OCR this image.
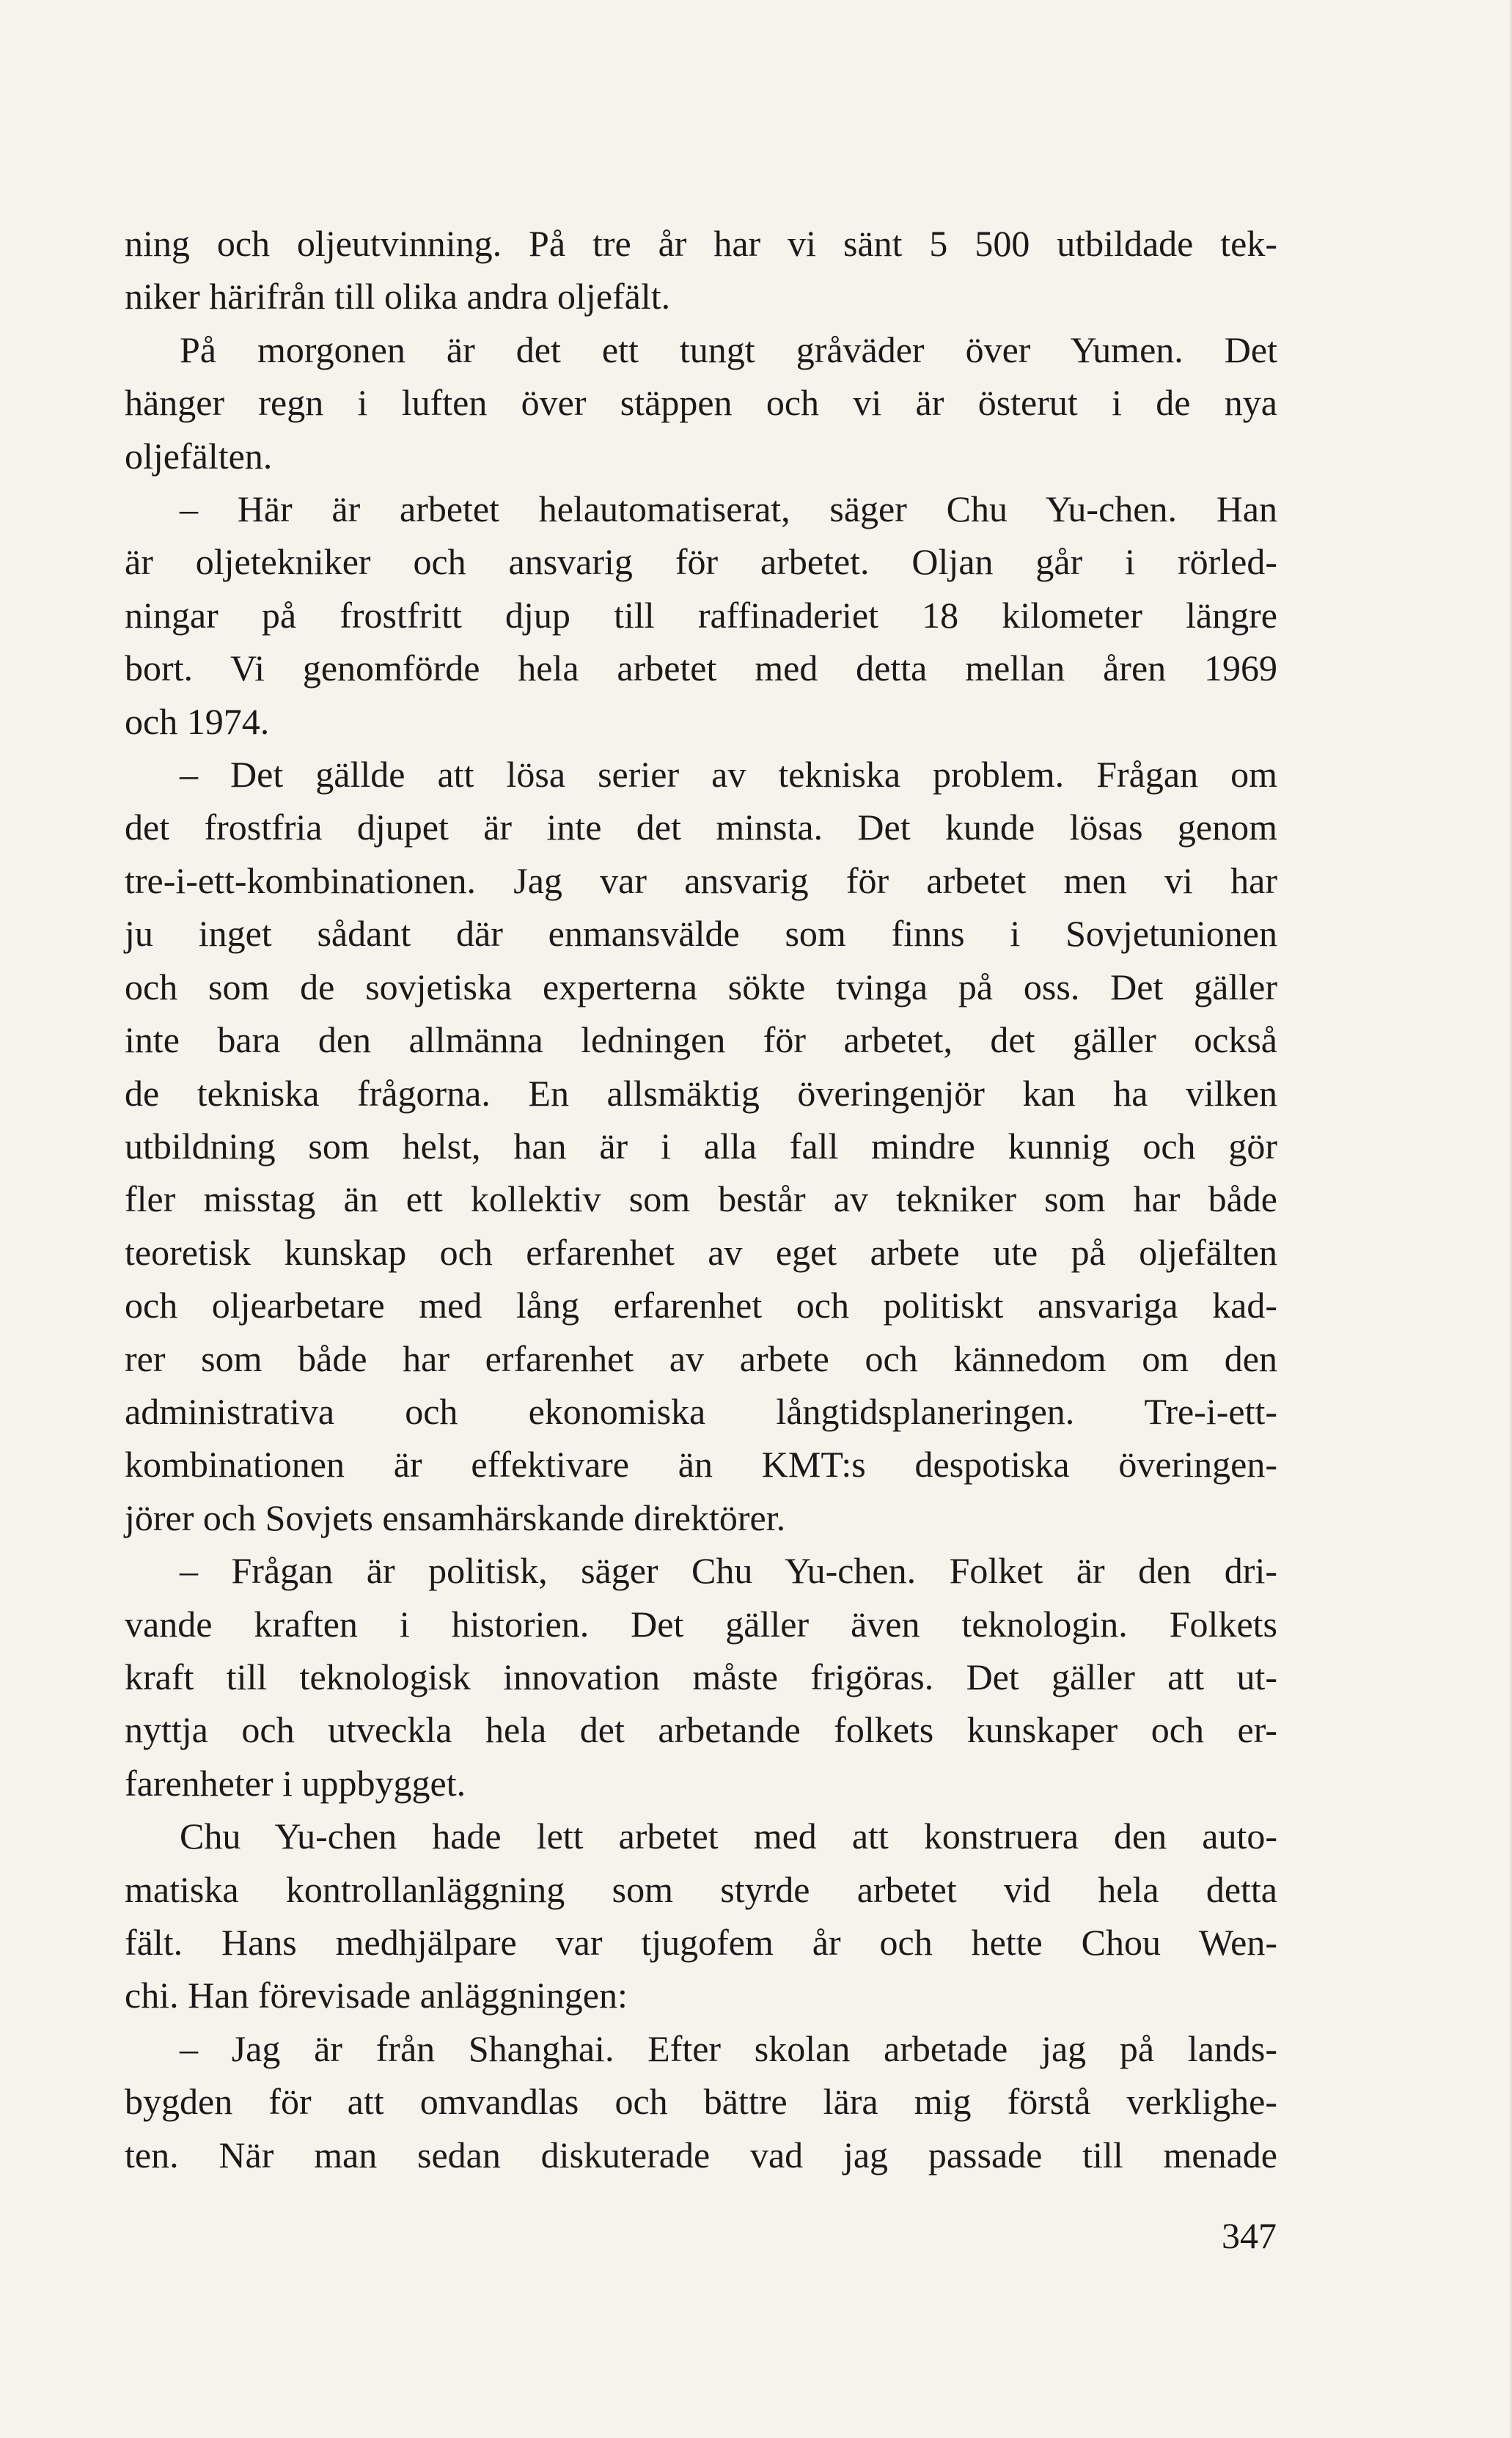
ning och oljeutvinning. På tre år har vi sänt 5 500 utbildade tek-
niker härifrån till olika andra oljefält.
På morgonen är det ett tungt gråväder över Yumen. Det
hänger regn i luften över stäppen och vi är österut i de nya
oljefälten.
– Här är arbetet helautomatiserat, säger Chu Yu-chen. Han
är oljetekniker och ansvarig för arbetet. Oljan går i rörled-
ningar på frostfritt djup till raffinaderiet 18 kilometer längre
bort. Vi genomförde hela arbetet med detta mellan åren 1969
och 1974.
– Det gällde att lösa serier av tekniska problem. Frågan om
det frostfria djupet är inte det minsta. Det kunde lösas genom
tre-i-ett-kombinationen. Jag var ansvarig för arbetet men vi har
ju inget sådant där enmansvälde som finns i Sovjetunionen
och som de sovjetiska experterna sökte tvinga på oss. Det gäller
inte bara den allmänna ledningen för arbetet, det gäller också
de tekniska frågorna. En allsmäktig överingenjör kan ha vilken
utbildning som helst, han är i alla fall mindre kunnig och gör
fler misstag än ett kollektiv som består av tekniker som har både
teoretisk kunskap och erfarenhet av eget arbete ute på oljefälten
och oljearbetare med lång erfarenhet och politiskt ansvariga kad-
rer som både har erfarenhet av arbete och kännedom om den
administrativa och ekonomiska långtidsplaneringen. Tre-i-ett-
kombinationen är effektivare än KMT:s despotiska överingen-
jörer och Sovjets ensamhärskande direktörer.
– Frågan är politisk, säger Chu Yu-chen. Folket är den dri-
vande kraften i historien. Det gäller även teknologin. Folkets
kraft till teknologisk innovation måste frigöras. Det gäller att ut-
nyttja och utveckla hela det arbetande folkets kunskaper och er-
farenheter i uppbygget.
Chu Yu-chen hade lett arbetet med att konstruera den auto-
matiska kontrollanläggning som styrde arbetet vid hela detta
fält. Hans medhjälpare var tjugofem år och hette Chou Wen-
chi. Han förevisade anläggningen:
– Jag är från Shanghai. Efter skolan arbetade jag på lands-
bygden för att omvandlas och bättre lära mig förstå verklighe-
ten. När man sedan diskuterade vad jag passade till menade
347
